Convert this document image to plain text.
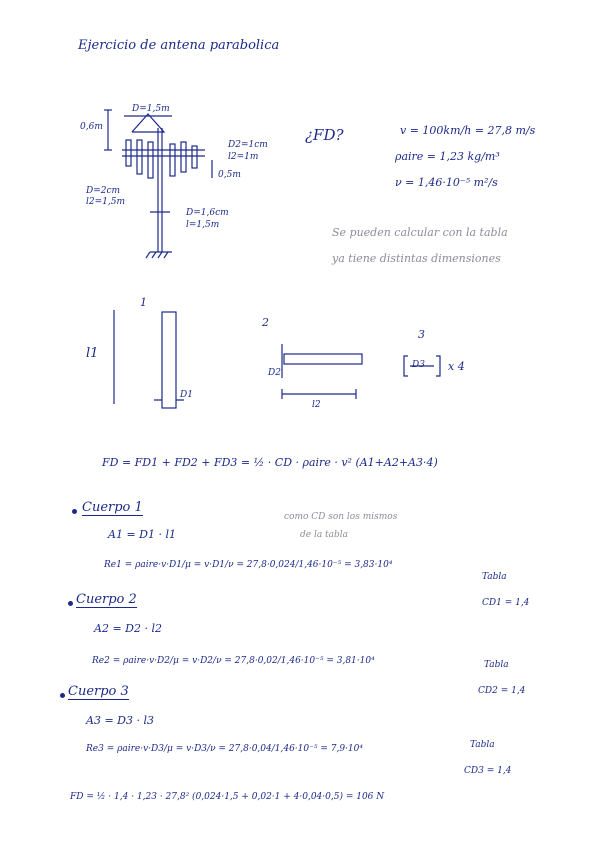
Ejercicio de antena parabolica
0,6m
D=1,5m
D2=1cm
l2=1m
0,5m
D=2cm
l2=1,5m
D=1,6cm
l=1,5m
¿FD?	v = 100km/h = 27,8 m/s
ρaire = 1,23 kg/m³
ν = 1,46·10⁻⁵ m²/s
Se pueden calcular con la tabla
ya tiene distintas dimensiones
1
l1
D1
2
D2
l2
3
D3 x 4
FD = FD1 + FD2 + FD3 = ½ · CD · ρaire · v² (A1+A2+A3·4)
como CD son los mismos
de la tabla
Cuerpo 1
A1 = D1 · l1
Re1 = ρaire·v·D1/μ = v·D1/ν = 27,8·0,024/1,46·10⁻⁵ = 3,83·10⁴
Tabla
CD1 = 1,4
Cuerpo 2
A2 = D2 · l2
Re2 = ρaire·v·D2/μ = v·D2/ν = 27,8·0,02/1,46·10⁻⁵ = 3,81·10⁴	Tabla
CD2 = 1,4
Cuerpo 3
A3 = D3 · l3
Re3 = ρaire·v·D3/μ = v·D3/ν = 27,8·0,04/1,46·10⁻⁵ = 7,9·10⁴	Tabla
CD3 = 1,4
FD = ½ · 1,4 · 1,23 · 27,8² (0,024·1,5 + 0,02·1 + 4·0,04·0,5) = 106 N
